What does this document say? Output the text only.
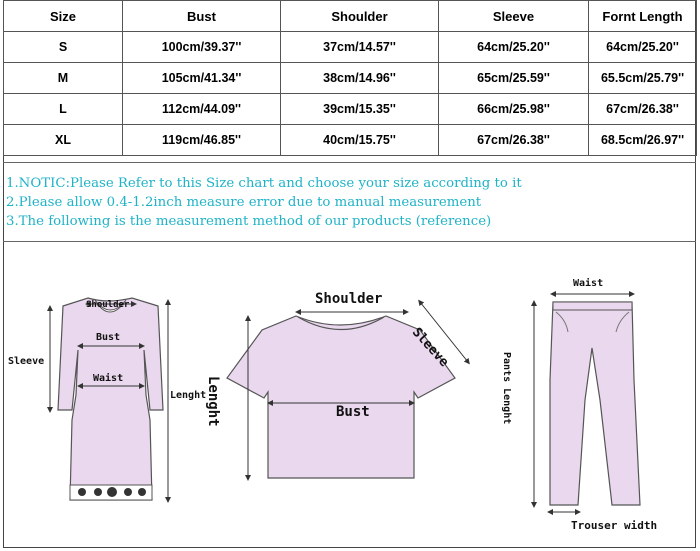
Size	Bust	Shoulder	Sleeve	Fornt Length
S	100cm/39.37''	37cm/14.57''	64cm/25.20''	64cm/25.20''
M	105cm/41.34''	38cm/14.96''	65cm/25.59''	65.5cm/25.79''
L	112cm/44.09''	39cm/15.35''	66cm/25.98''	67cm/26.38''
XL	119cm/46.85''	40cm/15.75''	67cm/26.38''	68.5cm/26.97''
1.NOTIC:Please Refer to this Size chart and choose your size according to it
2.Please allow 0.4-1.2inch measure error due to manual measurement
3.The following is the measurement method of our products (reference)
Shoulder
Bust
Waist
Sleeve
Lenght
Shoulder
Sleeve
Bust
Lenght
Waist
Pants Lenght
Trouser width
